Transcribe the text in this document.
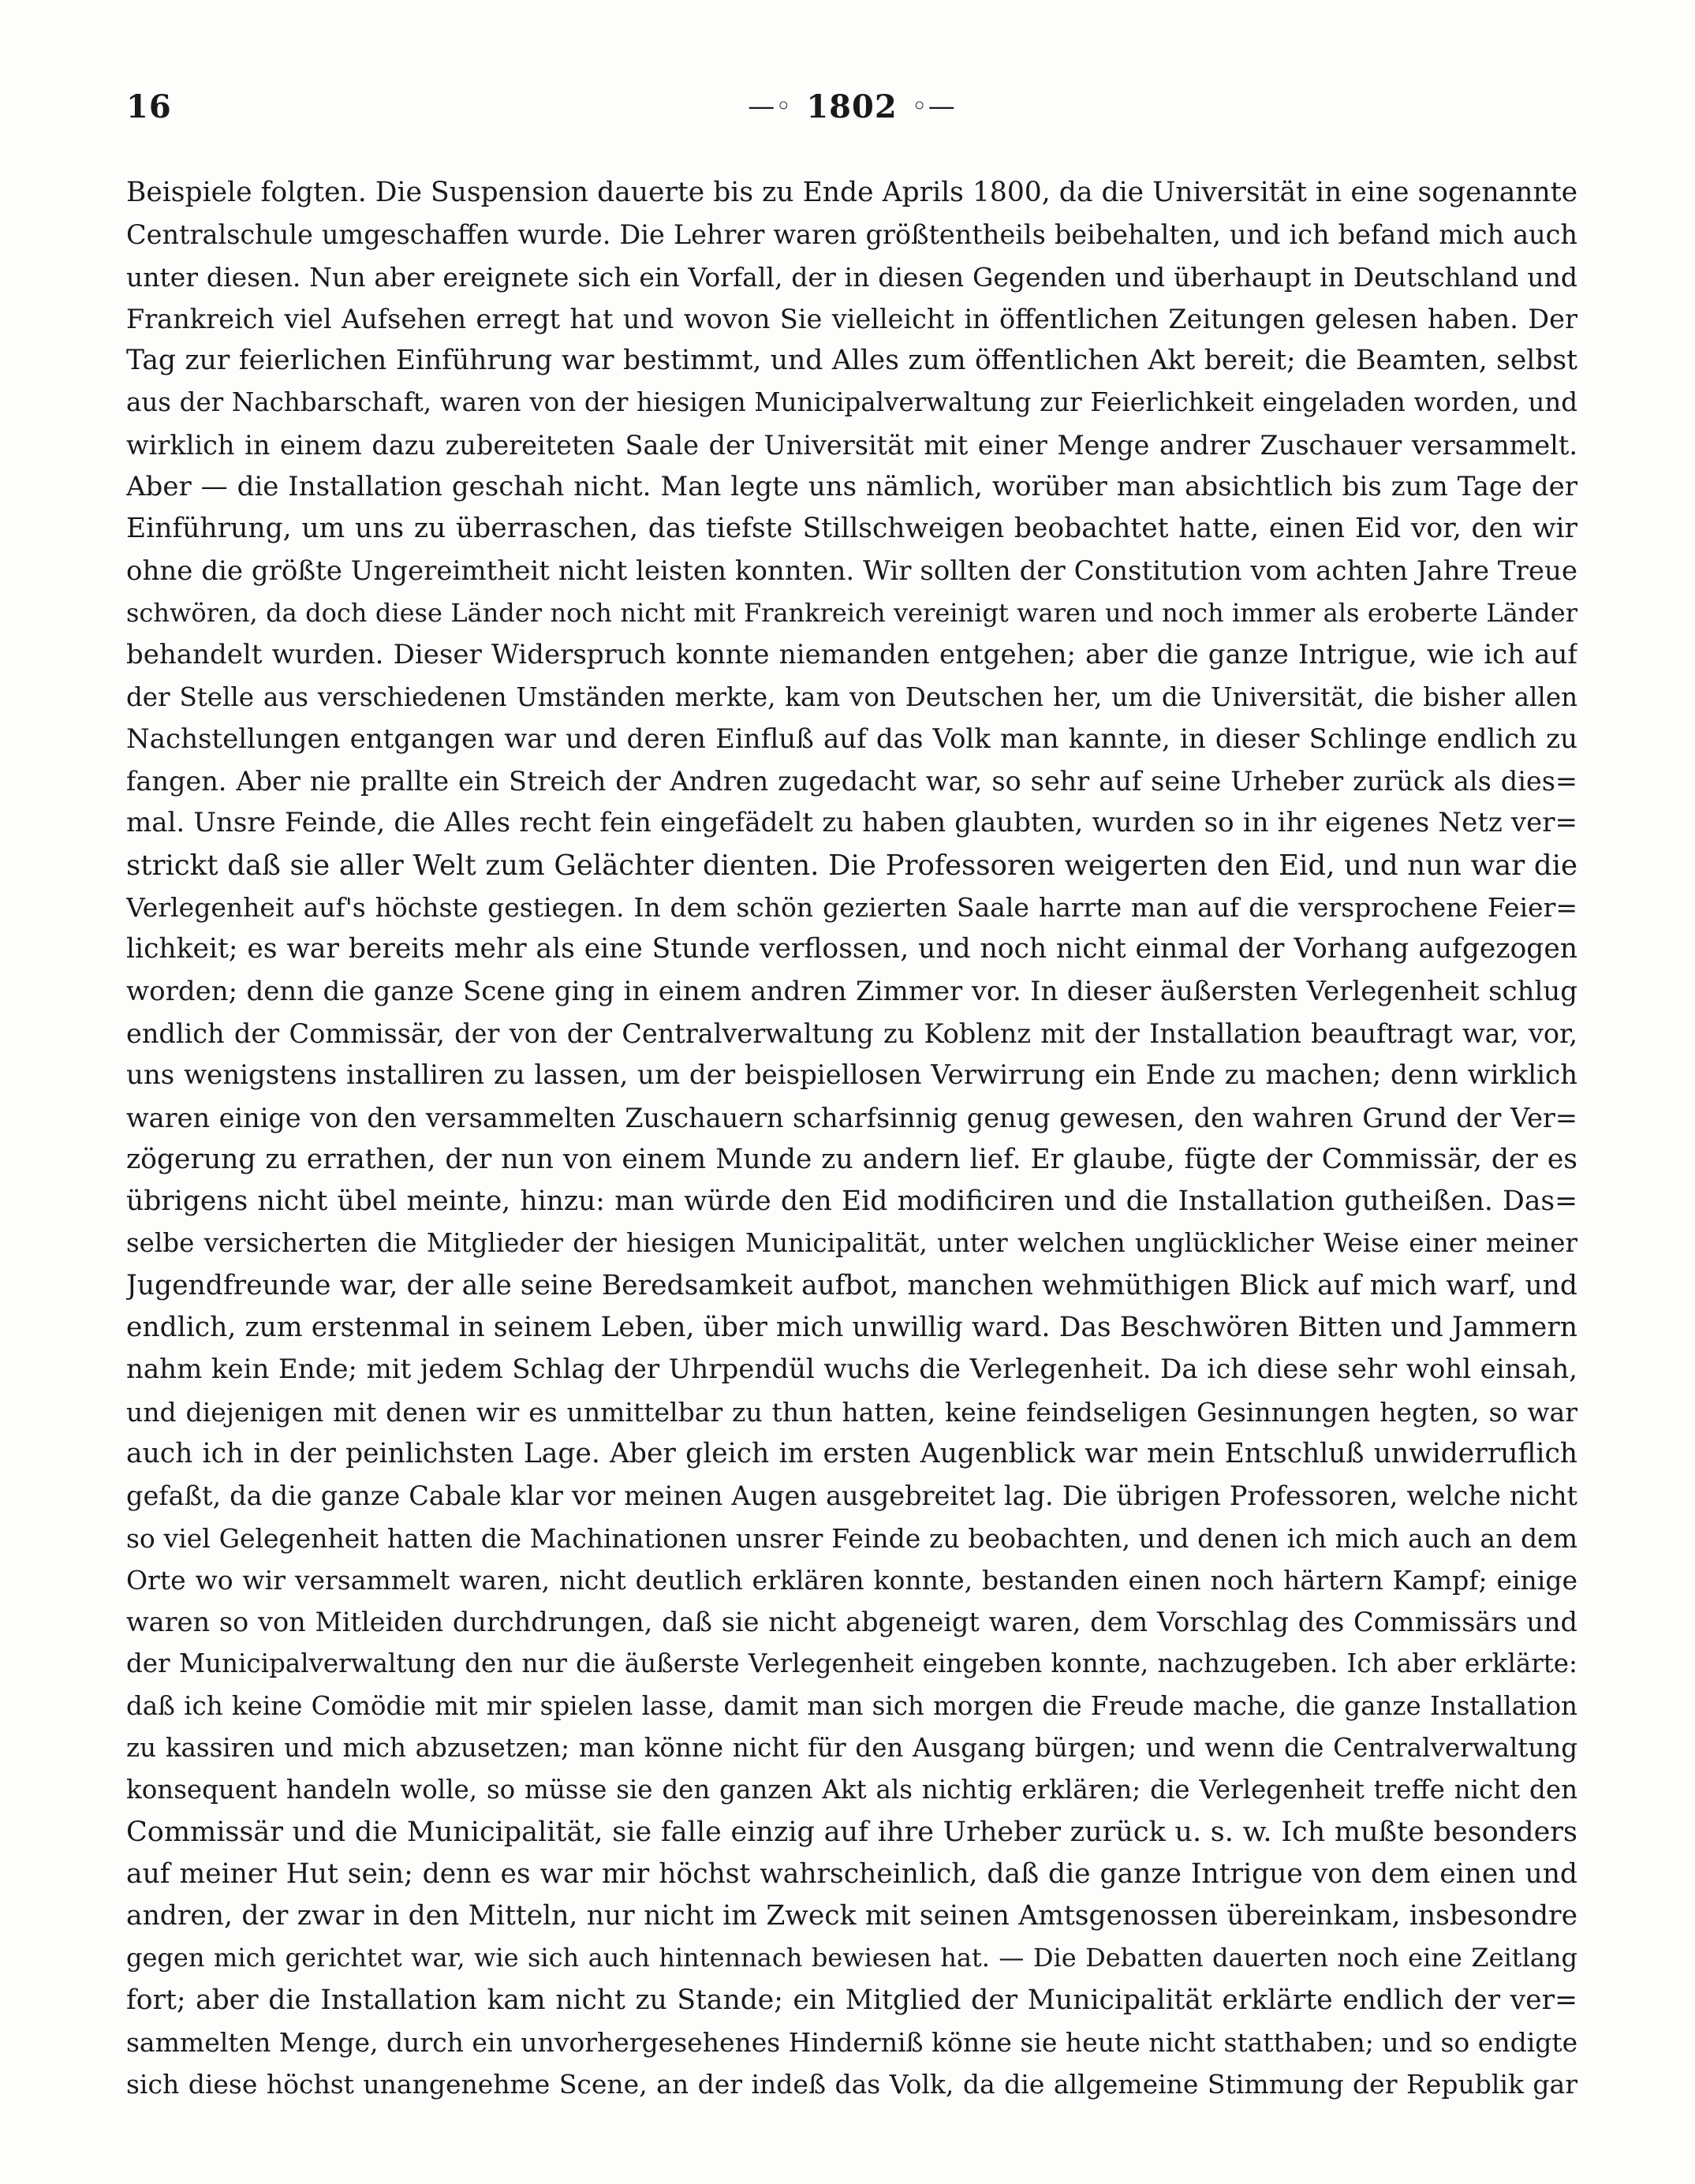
16	—◦ 1802 ◦—
Beispiele folgten. Die Suspension dauerte bis zu Ende Aprils 1800, da die Universität in eine sogenannte
Centralschule umgeschaffen wurde. Die Lehrer waren größtentheils beibehalten, und ich befand mich auch
unter diesen. Nun aber ereignete sich ein Vorfall, der in diesen Gegenden und überhaupt in Deutschland und
Frankreich viel Aufsehen erregt hat und wovon Sie vielleicht in öffentlichen Zeitungen gelesen haben. Der
Tag zur feierlichen Einführung war bestimmt, und Alles zum öffentlichen Akt bereit; die Beamten, selbst
aus der Nachbarschaft, waren von der hiesigen Municipalverwaltung zur Feierlichkeit eingeladen worden, und
wirklich in einem dazu zubereiteten Saale der Universität mit einer Menge andrer Zuschauer versammelt.
Aber — die Installation geschah nicht. Man legte uns nämlich, worüber man absichtlich bis zum Tage der
Einführung, um uns zu überraschen, das tiefste Stillschweigen beobachtet hatte, einen Eid vor, den wir
ohne die größte Ungereimtheit nicht leisten konnten. Wir sollten der Constitution vom achten Jahre Treue
schwören, da doch diese Länder noch nicht mit Frankreich vereinigt waren und noch immer als eroberte Länder
behandelt wurden. Dieser Widerspruch konnte niemanden entgehen; aber die ganze Intrigue, wie ich auf
der Stelle aus verschiedenen Umständen merkte, kam von Deutschen her, um die Universität, die bisher allen
Nachstellungen entgangen war und deren Einfluß auf das Volk man kannte, in dieser Schlinge endlich zu
fangen. Aber nie prallte ein Streich der Andren zugedacht war, so sehr auf seine Urheber zurück als dies=
mal. Unsre Feinde, die Alles recht fein eingefädelt zu haben glaubten, wurden so in ihr eigenes Netz ver=
strickt daß sie aller Welt zum Gelächter dienten. Die Professoren weigerten den Eid, und nun war die
Verlegenheit auf's höchste gestiegen. In dem schön gezierten Saale harrte man auf die versprochene Feier=
lichkeit; es war bereits mehr als eine Stunde verflossen, und noch nicht einmal der Vorhang aufgezogen
worden; denn die ganze Scene ging in einem andren Zimmer vor. In dieser äußersten Verlegenheit schlug
endlich der Commissär, der von der Centralverwaltung zu Koblenz mit der Installation beauftragt war, vor,
uns wenigstens installiren zu lassen, um der beispiellosen Verwirrung ein Ende zu machen; denn wirklich
waren einige von den versammelten Zuschauern scharfsinnig genug gewesen, den wahren Grund der Ver=
zögerung zu errathen, der nun von einem Munde zu andern lief. Er glaube, fügte der Commissär, der es
übrigens nicht übel meinte, hinzu: man würde den Eid modificiren und die Installation gutheißen. Das=
selbe versicherten die Mitglieder der hiesigen Municipalität, unter welchen unglücklicher Weise einer meiner
Jugendfreunde war, der alle seine Beredsamkeit aufbot, manchen wehmüthigen Blick auf mich warf, und
endlich, zum erstenmal in seinem Leben, über mich unwillig ward. Das Beschwören Bitten und Jammern
nahm kein Ende; mit jedem Schlag der Uhrpendül wuchs die Verlegenheit. Da ich diese sehr wohl einsah,
und diejenigen mit denen wir es unmittelbar zu thun hatten, keine feindseligen Gesinnungen hegten, so war
auch ich in der peinlichsten Lage. Aber gleich im ersten Augenblick war mein Entschluß unwiderruflich
gefaßt, da die ganze Cabale klar vor meinen Augen ausgebreitet lag. Die übrigen Professoren, welche nicht
so viel Gelegenheit hatten die Machinationen unsrer Feinde zu beobachten, und denen ich mich auch an dem
Orte wo wir versammelt waren, nicht deutlich erklären konnte, bestanden einen noch härtern Kampf; einige
waren so von Mitleiden durchdrungen, daß sie nicht abgeneigt waren, dem Vorschlag des Commissärs und
der Municipalverwaltung den nur die äußerste Verlegenheit eingeben konnte, nachzugeben. Ich aber erklärte:
daß ich keine Comödie mit mir spielen lasse, damit man sich morgen die Freude mache, die ganze Installation
zu kassiren und mich abzusetzen; man könne nicht für den Ausgang bürgen; und wenn die Centralverwaltung
konsequent handeln wolle, so müsse sie den ganzen Akt als nichtig erklären; die Verlegenheit treffe nicht den
Commissär und die Municipalität, sie falle einzig auf ihre Urheber zurück u. s. w. Ich mußte besonders
auf meiner Hut sein; denn es war mir höchst wahrscheinlich, daß die ganze Intrigue von dem einen und
andren, der zwar in den Mitteln, nur nicht im Zweck mit seinen Amtsgenossen übereinkam, insbesondre
gegen mich gerichtet war, wie sich auch hintennach bewiesen hat. — Die Debatten dauerten noch eine Zeitlang
fort; aber die Installation kam nicht zu Stande; ein Mitglied der Municipalität erklärte endlich der ver=
sammelten Menge, durch ein unvorhergesehenes Hinderniß könne sie heute nicht statthaben; und so endigte
sich diese höchst unangenehme Scene, an der indeß das Volk, da die allgemeine Stimmung der Republik gar
